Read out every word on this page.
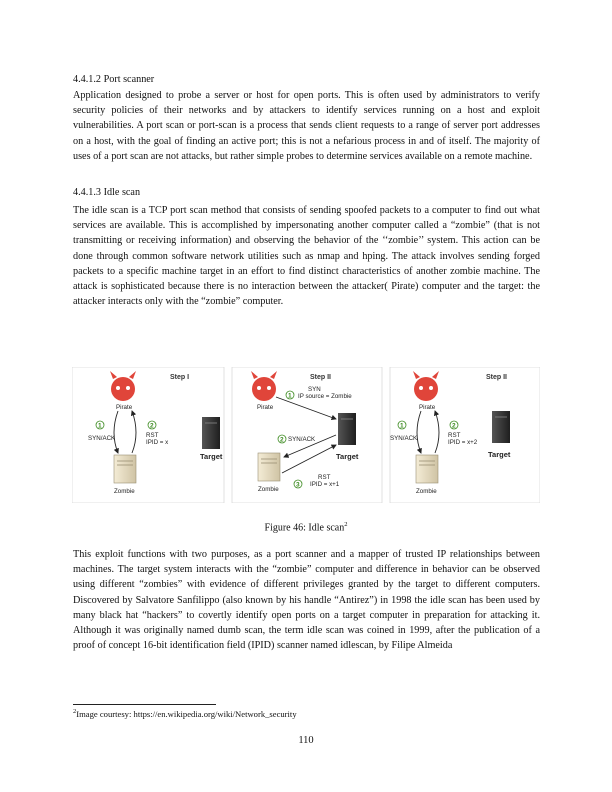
4.4.1.2 Port scanner
Application designed to probe a server or host for open ports. This is often used by administrators to verify security policies of their networks and by attackers to identify services running on a host and exploit vulnerabilities. A port scan or port-scan is a process that sends client requests to a range of server port addresses on a host, with the goal of finding an active port; this is not a nefarious process in and of itself. The majority of uses of a port scan are not attacks, but rather simple probes to determine services available on a remote machine.
4.4.1.3 Idle scan
The idle scan is a TCP port scan method that consists of sending spoofed packets to a computer to find out what services are available. This is accomplished by impersonating another computer called a “zombie” (that is not transmitting or receiving information) and observing the behavior of the ‘‘zombie’’ system. This action can be done through common software network utilities such as nmap and hping. The attack involves sending forged packets to a specific machine target in an effort to find distinct characteristics of another zombie machine. The attack is sophisticated because there is no interaction between the attacker( Pirate) computer and the target: the attacker interacts only with the “zombie” computer.
Step I
Pirate
Zombie
Target
1
SYN/ACK
2
RST
IPID = x
Step II
Pirate
Target
Zombie
1
SYN
IP source = Zombie
2 SYN/ACK
3
RST
IPID = x+1
Step II
Pirate
Zombie
Target
1
SYN/ACK
2
RST
IPID = x+2
Figure 46: Idle scan$^2$
This exploit functions with two purposes, as a port scanner and a mapper of trusted IP relationships between machines. The target system interacts with the “zombie” computer and difference in behavior can be observed using different “zombies” with evidence of different privileges granted by the target to different computers. Discovered by Salvatore Sanfilippo (also known by his handle “Antirez”) in 1998 the idle scan has been used by many black hat “hackers” to covertly identify open ports on a target computer in preparation for attacking it. Although it was originally named dumb scan, the term idle scan was coined in 1999, after the publication of a proof of concept 16-bit identification field (IPID) scanner named idlescan, by Filipe Almeida
$^2$Image courtesy: https://en.wikipedia.org/wiki/Network_security
110
